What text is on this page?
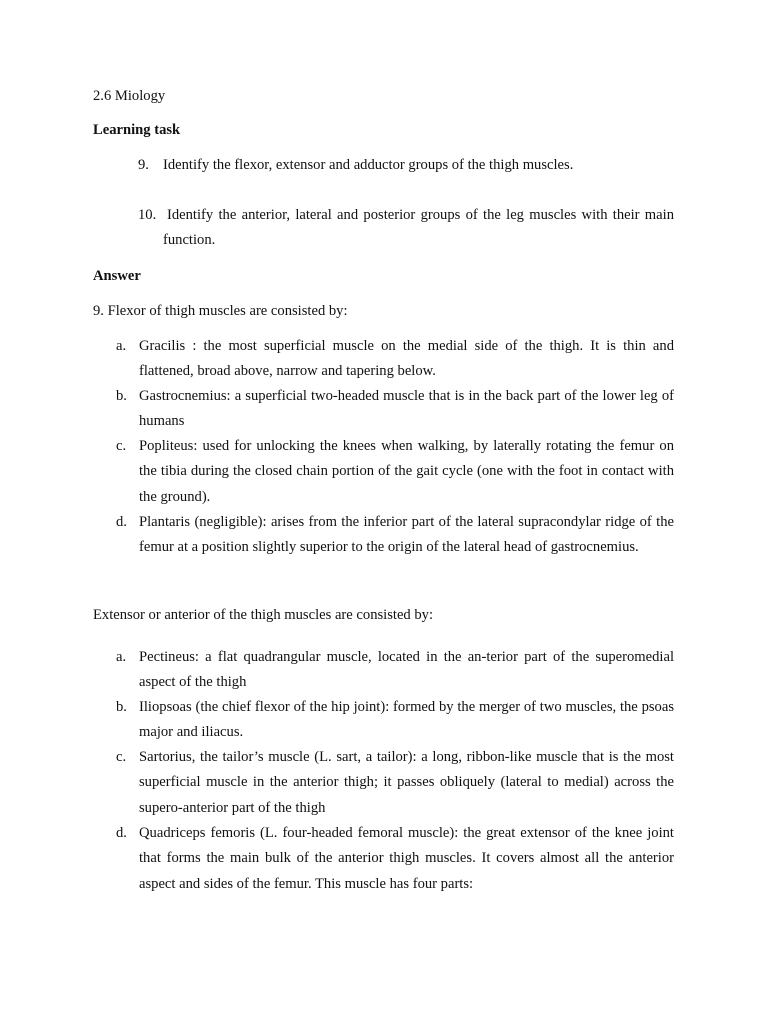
2.6 Miology
Learning task
9. Identify the flexor, extensor and adductor groups of the thigh muscles.
10. Identify the anterior, lateral and posterior groups of the leg muscles with their main function.
Answer
9. Flexor of thigh muscles are consisted by:
a. Gracilis : the most superficial muscle on the medial side of the thigh. It is thin and flattened, broad above, narrow and tapering below.
b. Gastrocnemius: a superficial two-headed muscle that is in the back part of the lower leg of humans
c. Popliteus: used for unlocking the knees when walking, by laterally rotating the femur on the tibia during the closed chain portion of the gait cycle (one with the foot in contact with the ground).
d. Plantaris (negligible): arises from the inferior part of the lateral supracondylar ridge of the femur at a position slightly superior to the origin of the lateral head of gastrocnemius.
Extensor or anterior of the thigh muscles are consisted by:
a. Pectineus: a flat quadrangular muscle, located in the an-terior part of the superomedial aspect of the thigh
b. Iliopsoas (the chief flexor of the hip joint): formed by the merger of two muscles, the psoas major and iliacus.
c. Sartorius, the tailor’s muscle (L. sart, a tailor): a long, ribbon-like muscle that is the most superficial muscle in the anterior thigh; it passes obliquely (lateral to medial) across the supero-anterior part of the thigh
d. Quadriceps femoris (L. four-headed femoral muscle): the great extensor of the knee joint that forms the main bulk of the anterior thigh muscles. It covers almost all the anterior aspect and sides of the femur. This muscle has four parts:
